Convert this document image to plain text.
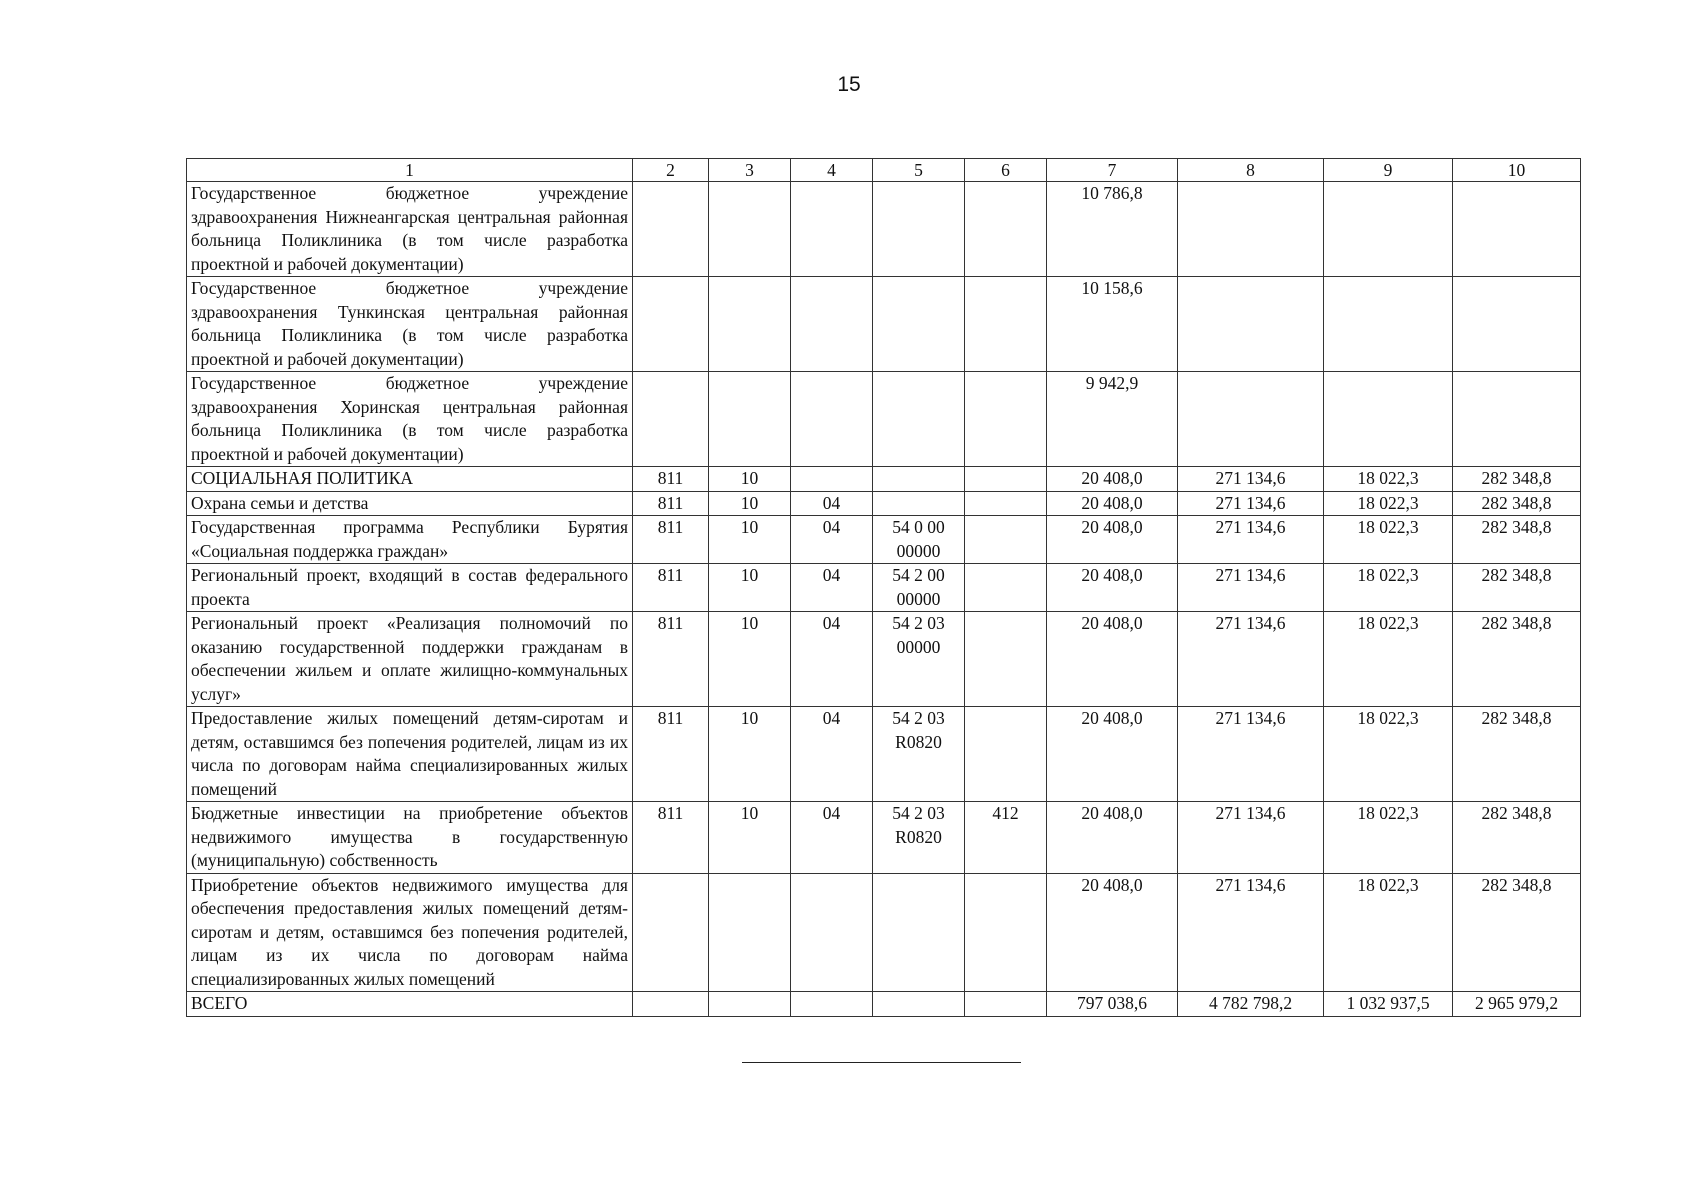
15
1	2	3	4	5	6	7	8	9	10
Государственное бюджетное учреждение здравоохранения Нижнеангарская центральная районная больница Поликлиника (в том числе разработка проектной и рабочей документации)						10 786,8			
Государственное бюджетное учреждение здравоохранения Тункинская центральная районная больница Поликлиника (в том числе разработка проектной и рабочей документации)						10 158,6			
Государственное бюджетное учреждение здравоохранения Хоринская центральная районная больница Поликлиника (в том числе разработка проектной и рабочей документации)						9 942,9			
СОЦИАЛЬНАЯ ПОЛИТИКА	811	10				20 408,0	271 134,6	18 022,3	282 348,8
Охрана семьи и детства	811	10	04			20 408,0	271 134,6	18 022,3	282 348,8
Государственная программа Республики Бурятия «Социальная поддержка граждан»	811	10	04	54 0 00 00000		20 408,0	271 134,6	18 022,3	282 348,8
Региональный проект, входящий в состав федерального проекта	811	10	04	54 2 00 00000		20 408,0	271 134,6	18 022,3	282 348,8
Региональный проект «Реализация полномочий по оказанию государственной поддержки гражданам в обеспечении жильем и оплате жилищно-коммунальных услуг»	811	10	04	54 2 03 00000		20 408,0	271 134,6	18 022,3	282 348,8
Предоставление жилых помещений детям-сиротам и детям, оставшимся без попечения родителей, лицам из их числа по договорам найма специализированных жилых помещений	811	10	04	54 2 03 R0820		20 408,0	271 134,6	18 022,3	282 348,8
Бюджетные инвестиции на приобретение объектов недвижимого имущества в государственную (муниципальную) собственность	811	10	04	54 2 03 R0820	412	20 408,0	271 134,6	18 022,3	282 348,8
Приобретение объектов недвижимого имущества для обеспечения предоставления жилых помещений детям-сиротам и детям, оставшимся без попечения родителей, лицам из их числа по договорам найма специализированных жилых помещений						20 408,0	271 134,6	18 022,3	282 348,8
ВСЕГО						797 038,6	4 782 798,2	1 032 937,5	2 965 979,2
